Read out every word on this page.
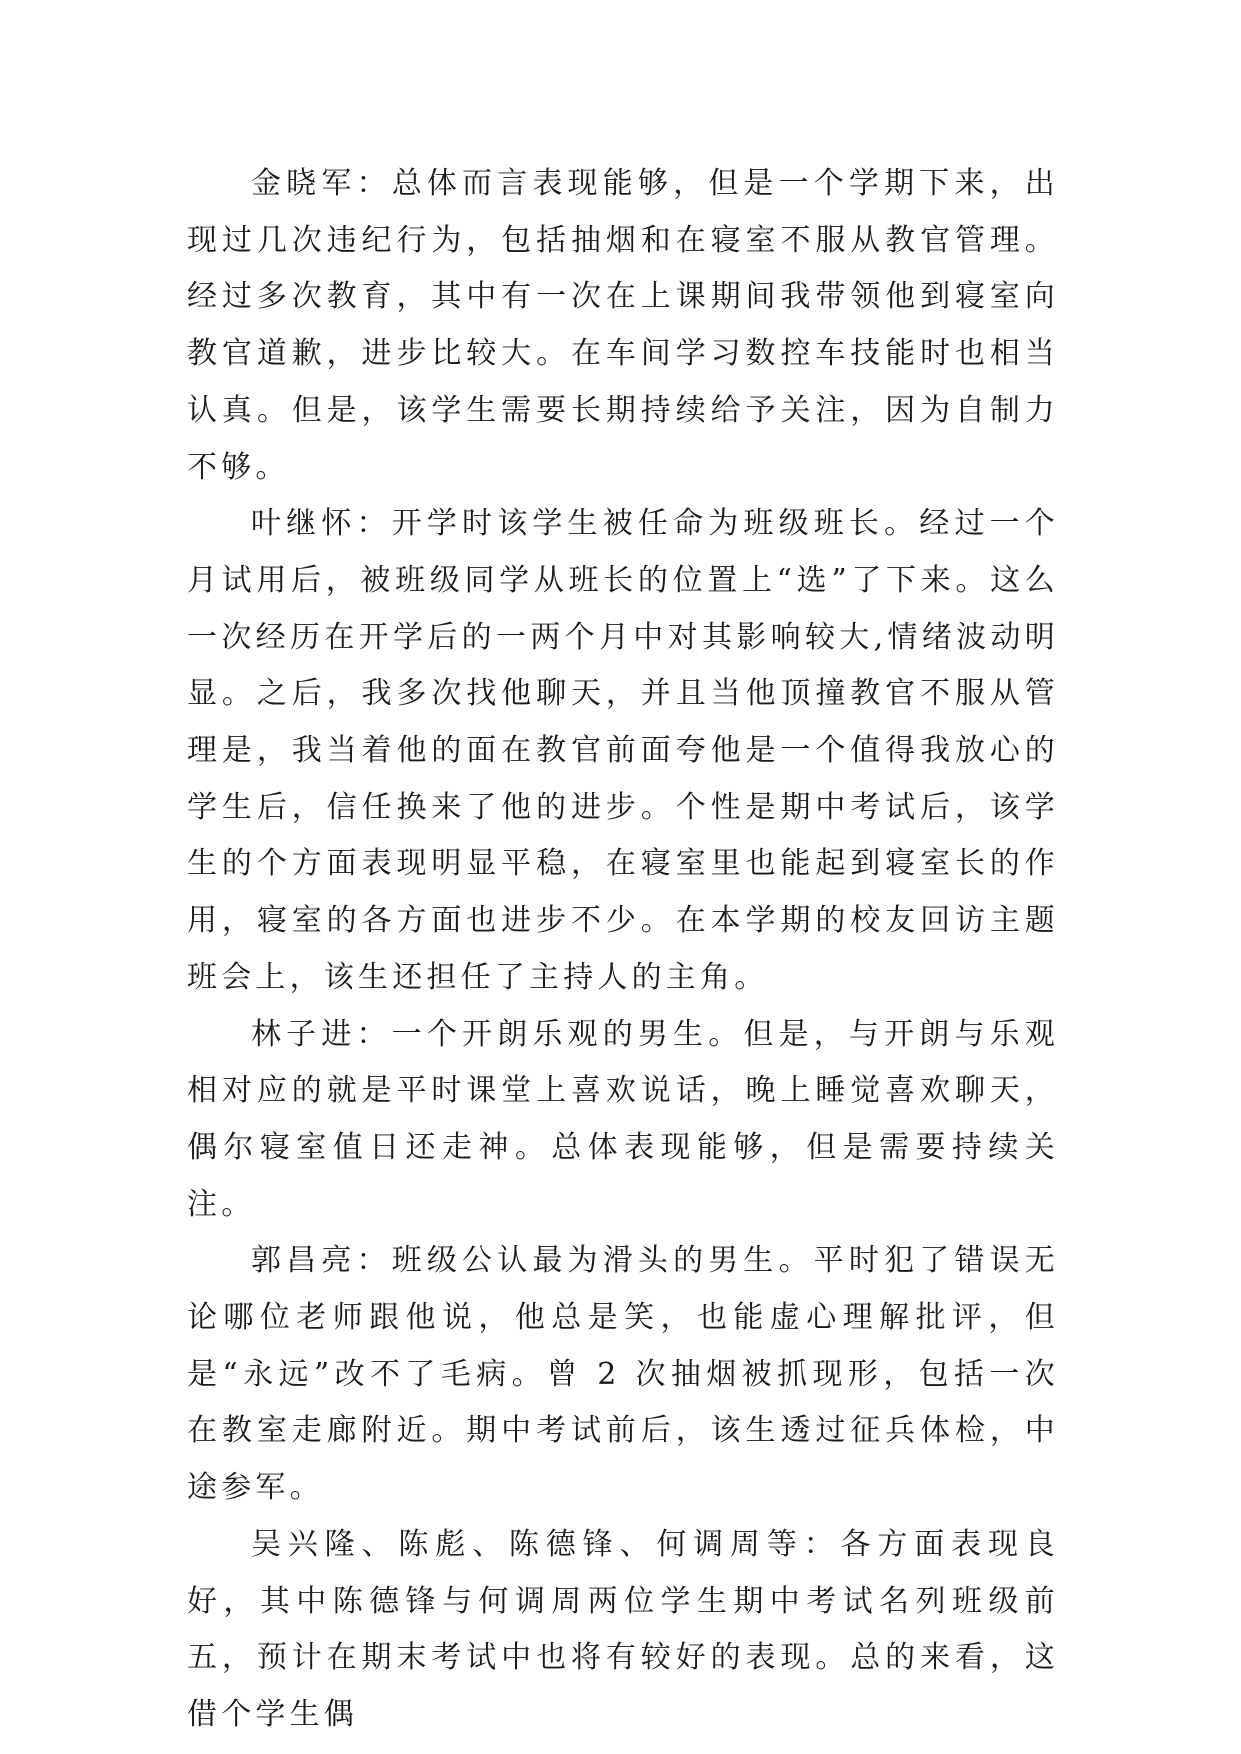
金晓军：总体而言表现能够，但是一个学期下来，出现过几次违纪行为，包括抽烟和在寝室不服从教官管理。经过多次教育，其中有一次在上课期间我带领他到寝室向教官道歉，进步比较大。在车间学习数控车技能时也相当认真。但是，该学生需要长期持续给予关注，因为自制力不够。

叶继怀：开学时该学生被任命为班级班长。经过一个月试用后，被班级同学从班长的位置上“选”了下来。这么一次经历在开学后的一两个月中对其影响较大,情绪波动明显。之后，我多次找他聊天，并且当他顶撞教官不服从管理是，我当着他的面在教官前面夸他是一个值得我放心的学生后，信任换来了他的进步。个性是期中考试后，该学生的个方面表现明显平稳，在寝室里也能起到寝室长的作用，寝室的各方面也进步不少。在本学期的校友回访主题班会上，该生还担任了主持人的主角。

林子进：一个开朗乐观的男生。但是，与开朗与乐观相对应的就是平时课堂上喜欢说话，晚上睡觉喜欢聊天，偶尔寝室值日还走神。总体表现能够，但是需要持续关注。

郭昌亮：班级公认最为滑头的男生。平时犯了错误无论哪位老师跟他说，他总是笑，也能虚心理解批评，但是“永远”改不了毛病。曾 2 次抽烟被抓现形，包括一次在教室走廊附近。期中考试前后，该生透过征兵体检，中途参军。

吴兴隆、陈彪、陈德锋、何调周等：各方面表现良好，其中陈德锋与何调周两位学生期中考试名列班级前五，预计在期末考试中也将有较好的表现。总的来看，这借个学生偶
